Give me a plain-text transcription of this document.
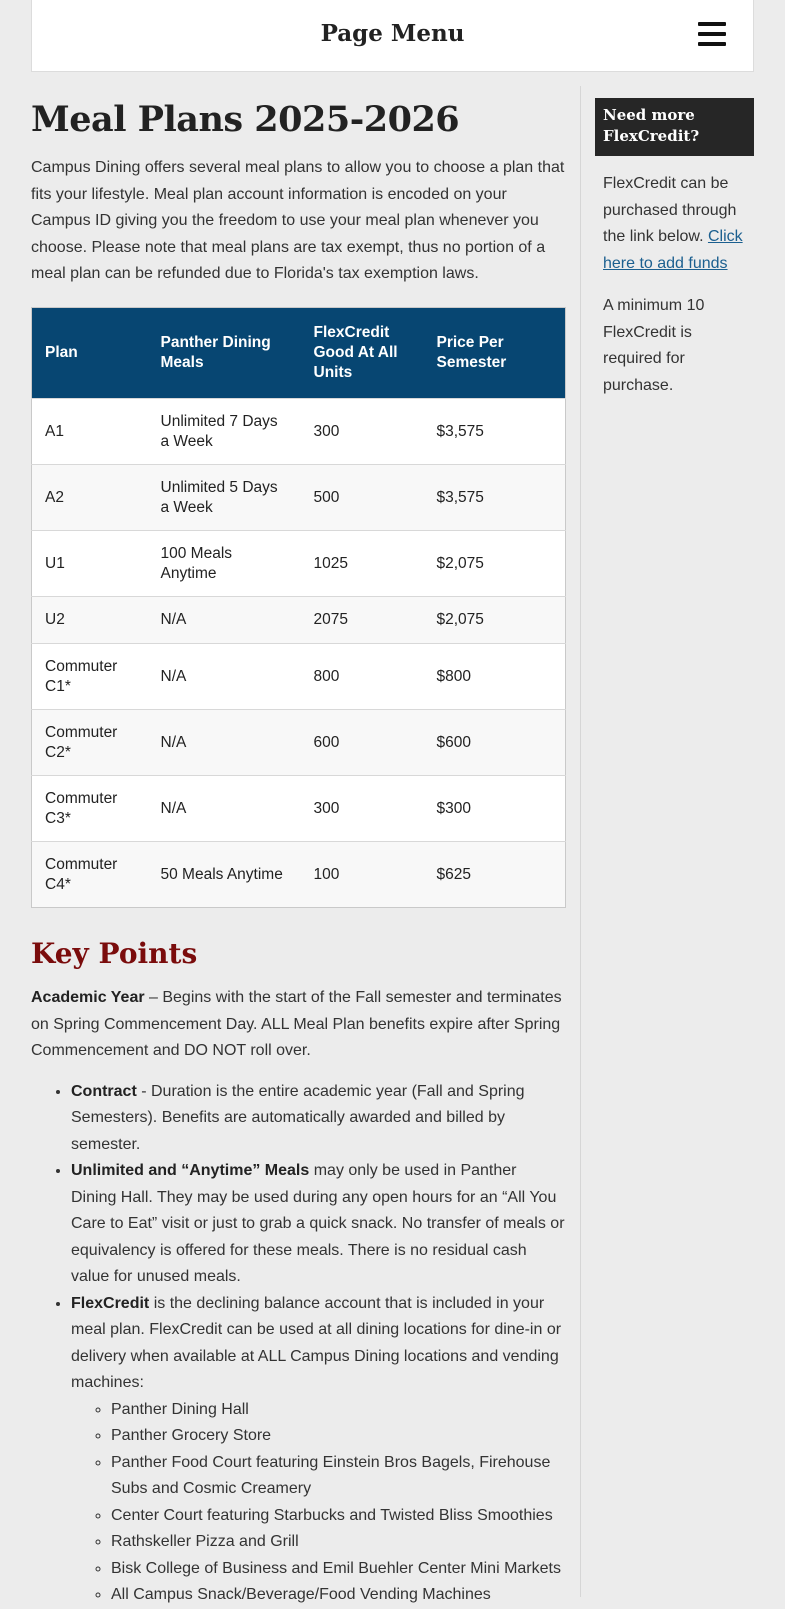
Page Menu
Meal Plans 2025-2026

Campus Dining offers several meal plans to allow you to choose a plan that fits your lifestyle. Meal plan account information is encoded on your Campus ID giving you the freedom to use your meal plan whenever you choose. Please note that meal plans are tax exempt, thus no portion of a meal plan can be refunded due to Florida's tax exemption laws.

Plan	Panther Dining Meals	FlexCredit Good At All Units	Price Per Semester

A1	Unlimited 7 Days a Week	300	$3,575
A2	Unlimited 5 Days a Week	500	$3,575
U1	100 Meals Anytime	1025	$2,075
U2	N/A	2075	$2,075

Commuter C1*	N/A	800	$800

Commuter C2*	N/A	600	$600

Commuter C3*	N/A	300	$300

Commuter C4*	50 Meals Anytime	100	$625
Key Points

Academic Year – Begins with the start of the Fall semester and terminates on Spring Commencement Day. ALL Meal Plan benefits expire after Spring Commencement and DO NOT roll over.

• Contract - Duration is the entire academic year (Fall and Spring Semesters). Benefits are automatically awarded and billed by semester.
• Unlimited and “Anytime” Meals may only be used in Panther Dining Hall. They may be used during any open hours for an “All You Care to Eat” visit or just to grab a quick snack. No transfer of meals or equivalency is offered for these meals. There is no residual cash value for unused meals.
• FlexCredit is the declining balance account that is included in your meal plan. FlexCredit can be used at all dining locations for dine-in or delivery when available at ALL Campus Dining locations and vending machines:
◦ Panther Dining Hall
◦ Panther Grocery Store
◦ Panther Food Court featuring Einstein Bros Bagels, Firehouse Subs and Cosmic Creamery
◦ Center Court featuring Starbucks and Twisted Bliss Smoothies
◦ Rathskeller Pizza and Grill
◦ Bisk College of Business and Emil Buehler Center Mini Markets
◦ All Campus Snack/Beverage/Food Vending Machines
Need more FlexCredit?

FlexCredit can be purchased through the link below. Click here to add funds

A minimum 10 FlexCredit is required for purchase.
